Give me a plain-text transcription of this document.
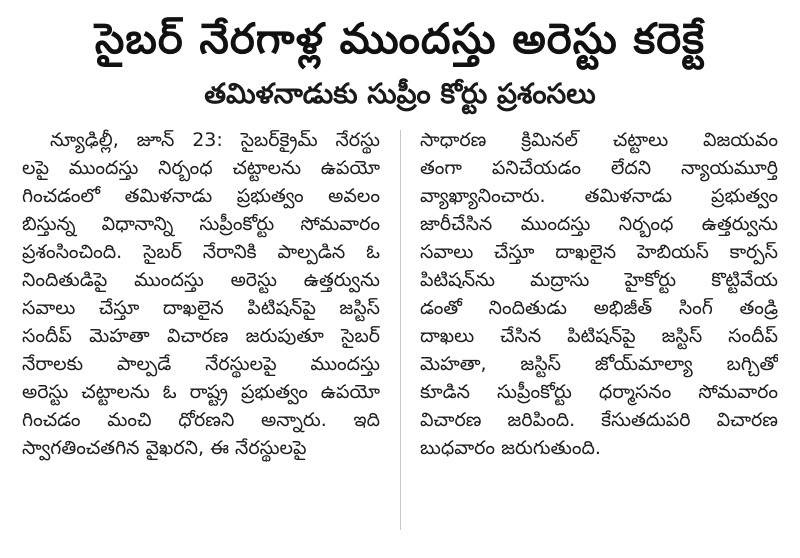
సైబర్ నేరగాళ్ల ముందస్తు అరెస్టు కరెక్టే
తమిళనాడుకు సుప్రీం కోర్టు ప్రశంసలు
న్యూఢిల్లీ, జూన్ 23: సైబర్‌క్రైమ్ నేరస్థు
లపై ముందస్తు నిర్బంధ చట్టాలను ఉపయో
గించడంలో తమిళనాడు ప్రభుత్వం అవలం
బిస్తున్న విధానాన్ని సుప్రీంకోర్టు సోమవారం
ప్రశంసించింది. సైబర్ నేరానికి పాల్పడిన ఓ
నిందితుడిపై ముందస్తు అరెస్టు ఉత్తర్వును
సవాలు చేస్తూ దాఖలైన పిటిషన్‌పై జస్టిస్
సందీప్ మెహతా విచారణ జరుపుతూ సైబర్
నేరాలకు పాల్పడే నేరస్థులపై ముందస్తు
అరెస్టు చట్టాలను ఓ రాష్ట్ర ప్రభుత్వం ఉపయో
గించడం మంచి ధోరణని అన్నారు. ఇది
స్వాగతించతగిన వైఖరని, ఈ నేరస్థులపై
సాధారణ క్రిమినల్ చట్టాలు విజయవం
తంగా పనిచేయడం లేదని న్యాయమూర్తి
వ్యాఖ్యానించారు. తమిళనాడు ప్రభుత్వం
జారీచేసిన ముందస్తు నిర్బంధ ఉత్తర్వును
సవాలు చేస్తూ దాఖలైన హెబియస్ కార్పస్
పిటిషన్‌ను మద్రాసు హైకోర్టు కొట్టివేయ
డంతో నిందితుడు అభిజీత్ సింగ్ తండ్రి
దాఖలు చేసిన పిటిషన్‌పై జస్టిస్ సందీప్
మెహతా, జస్టిస్ జోయ్‌మాల్యా బగ్చితో
కూడిన సుప్రీంకోర్టు ధర్మాసనం సోమవారం
విచారణ జరిపింది. కేసుతదుపరి విచారణ
బుధవారం జరుగుతుంది.
